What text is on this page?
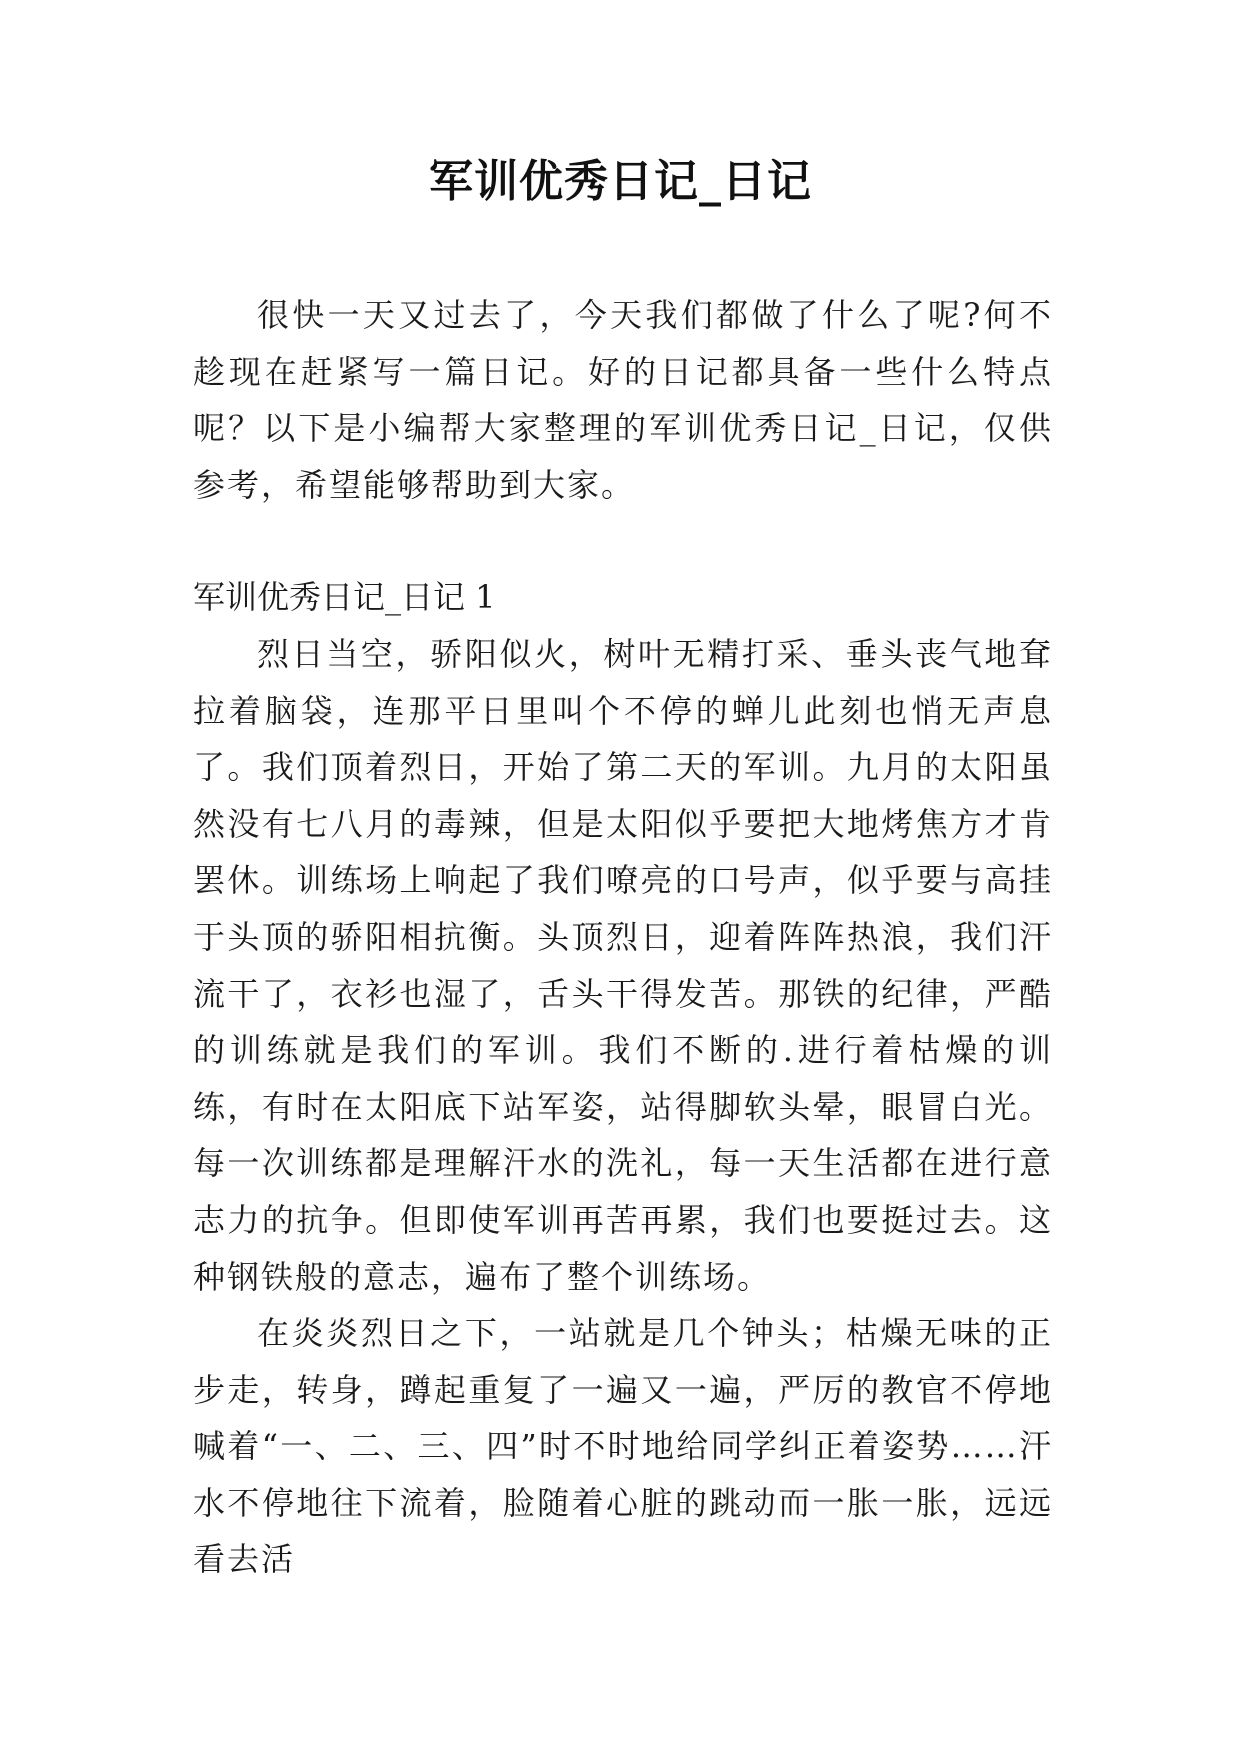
军训优秀日记_日记

很快一天又过去了，今天我们都做了什么了呢?何不趁现在赶紧写一篇日记。好的日记都具备一些什么特点呢？以下是小编帮大家整理的军训优秀日记_日记，仅供参考，希望能够帮助到大家。

军训优秀日记_日记 1

烈日当空，骄阳似火，树叶无精打采、垂头丧气地耷拉着脑袋，连那平日里叫个不停的蝉儿此刻也悄无声息了。我们顶着烈日，开始了第二天的军训。九月的太阳虽然没有七八月的毒辣，但是太阳似乎要把大地烤焦方才肯罢休。训练场上响起了我们嘹亮的口号声，似乎要与高挂于头顶的骄阳相抗衡。头顶烈日，迎着阵阵热浪，我们汗流干了，衣衫也湿了，舌头干得发苦。那铁的纪律，严酷的训练就是我们的军训。我们不断的.进行着枯燥的训练，有时在太阳底下站军姿，站得脚软头晕，眼冒白光。每一次训练都是理解汗水的洗礼，每一天生活都在进行意志力的抗争。但即使军训再苦再累，我们也要挺过去。这种钢铁般的意志，遍布了整个训练场。

在炎炎烈日之下，一站就是几个钟头；枯燥无味的正步走，转身，蹲起重复了一遍又一遍，严厉的教官不停地喊着“一、二、三、四”时不时地给同学纠正着姿势……汗水不停地往下流着，脸随着心脏的跳动而一胀一胀，远远看去活
